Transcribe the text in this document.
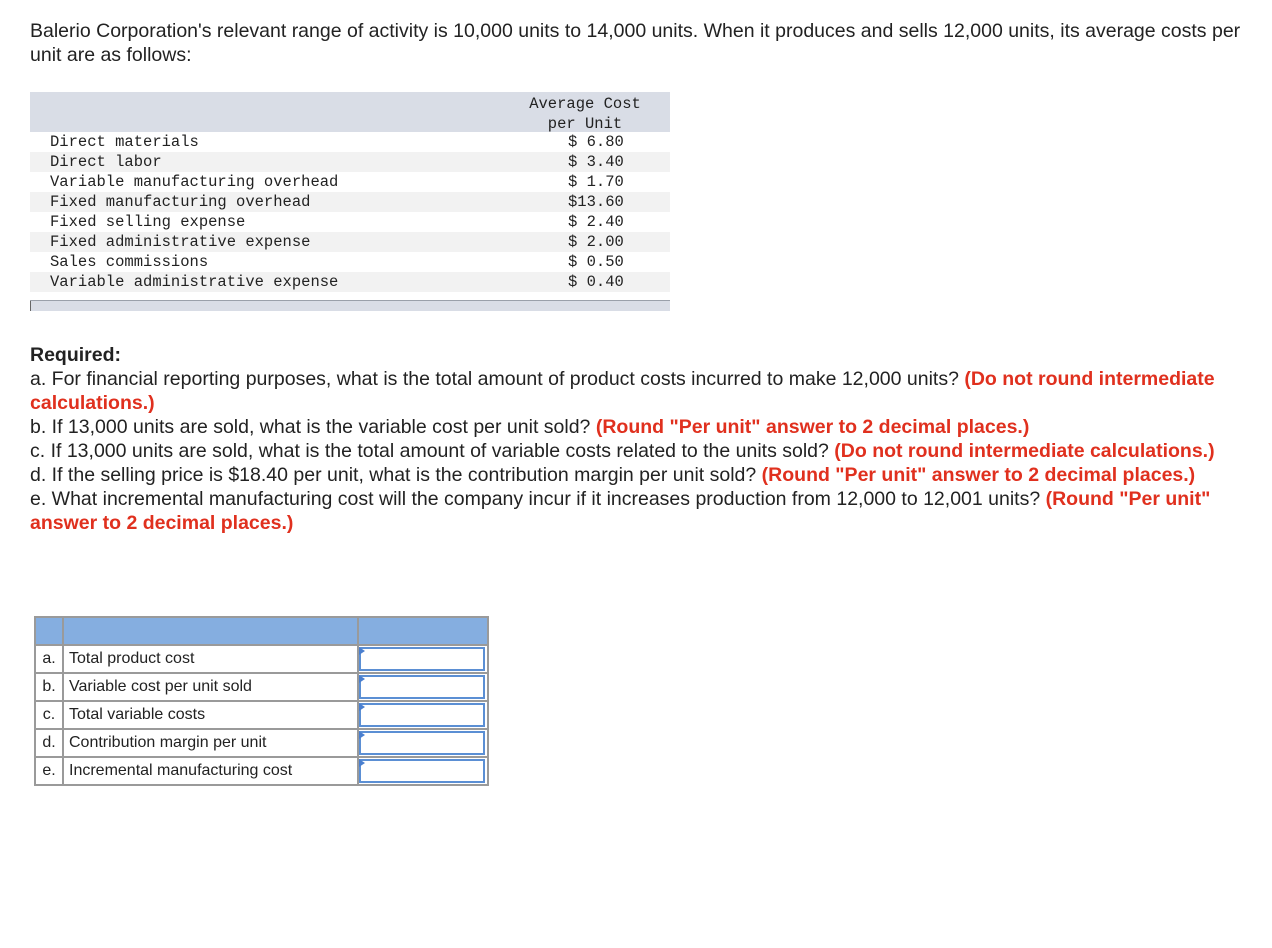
Balerio Corporation's relevant range of activity is 10,000 units to 14,000 units. When it produces and sells 12,000 units, its average costs per unit are as follows:

Average Cost
per Unit
Direct materials	$ 6.80
Direct labor	$ 3.40
Variable manufacturing overhead	$ 1.70
Fixed manufacturing overhead	$13.60
Fixed selling expense	$ 2.40
Fixed administrative expense	$ 2.00
Sales commissions	$ 0.50
Variable administrative expense	$ 0.40
Required:

a. For financial reporting purposes, what is the total amount of product costs incurred to make 12,000 units? (Do not round intermediate calculations.)

b. If 13,000 units are sold, what is the variable cost per unit sold? (Round "Per unit" answer to 2 decimal places.)

c. If 13,000 units are sold, what is the total amount of variable costs related to the units sold? (Do not round intermediate calculations.)

d. If the selling price is $18.40 per unit, what is the contribution margin per unit sold? (Round "Per unit" answer to 2 decimal places.)

e. What incremental manufacturing cost will the company incur if it increases production from 12,000 to 12,001 units? (Round "Per unit" answer to 2 decimal places.)

a.	Total product cost	

b.	Variable cost per unit sold	

c.	Total variable costs	

d.	Contribution margin per unit	

e.	Incremental manufacturing cost	
